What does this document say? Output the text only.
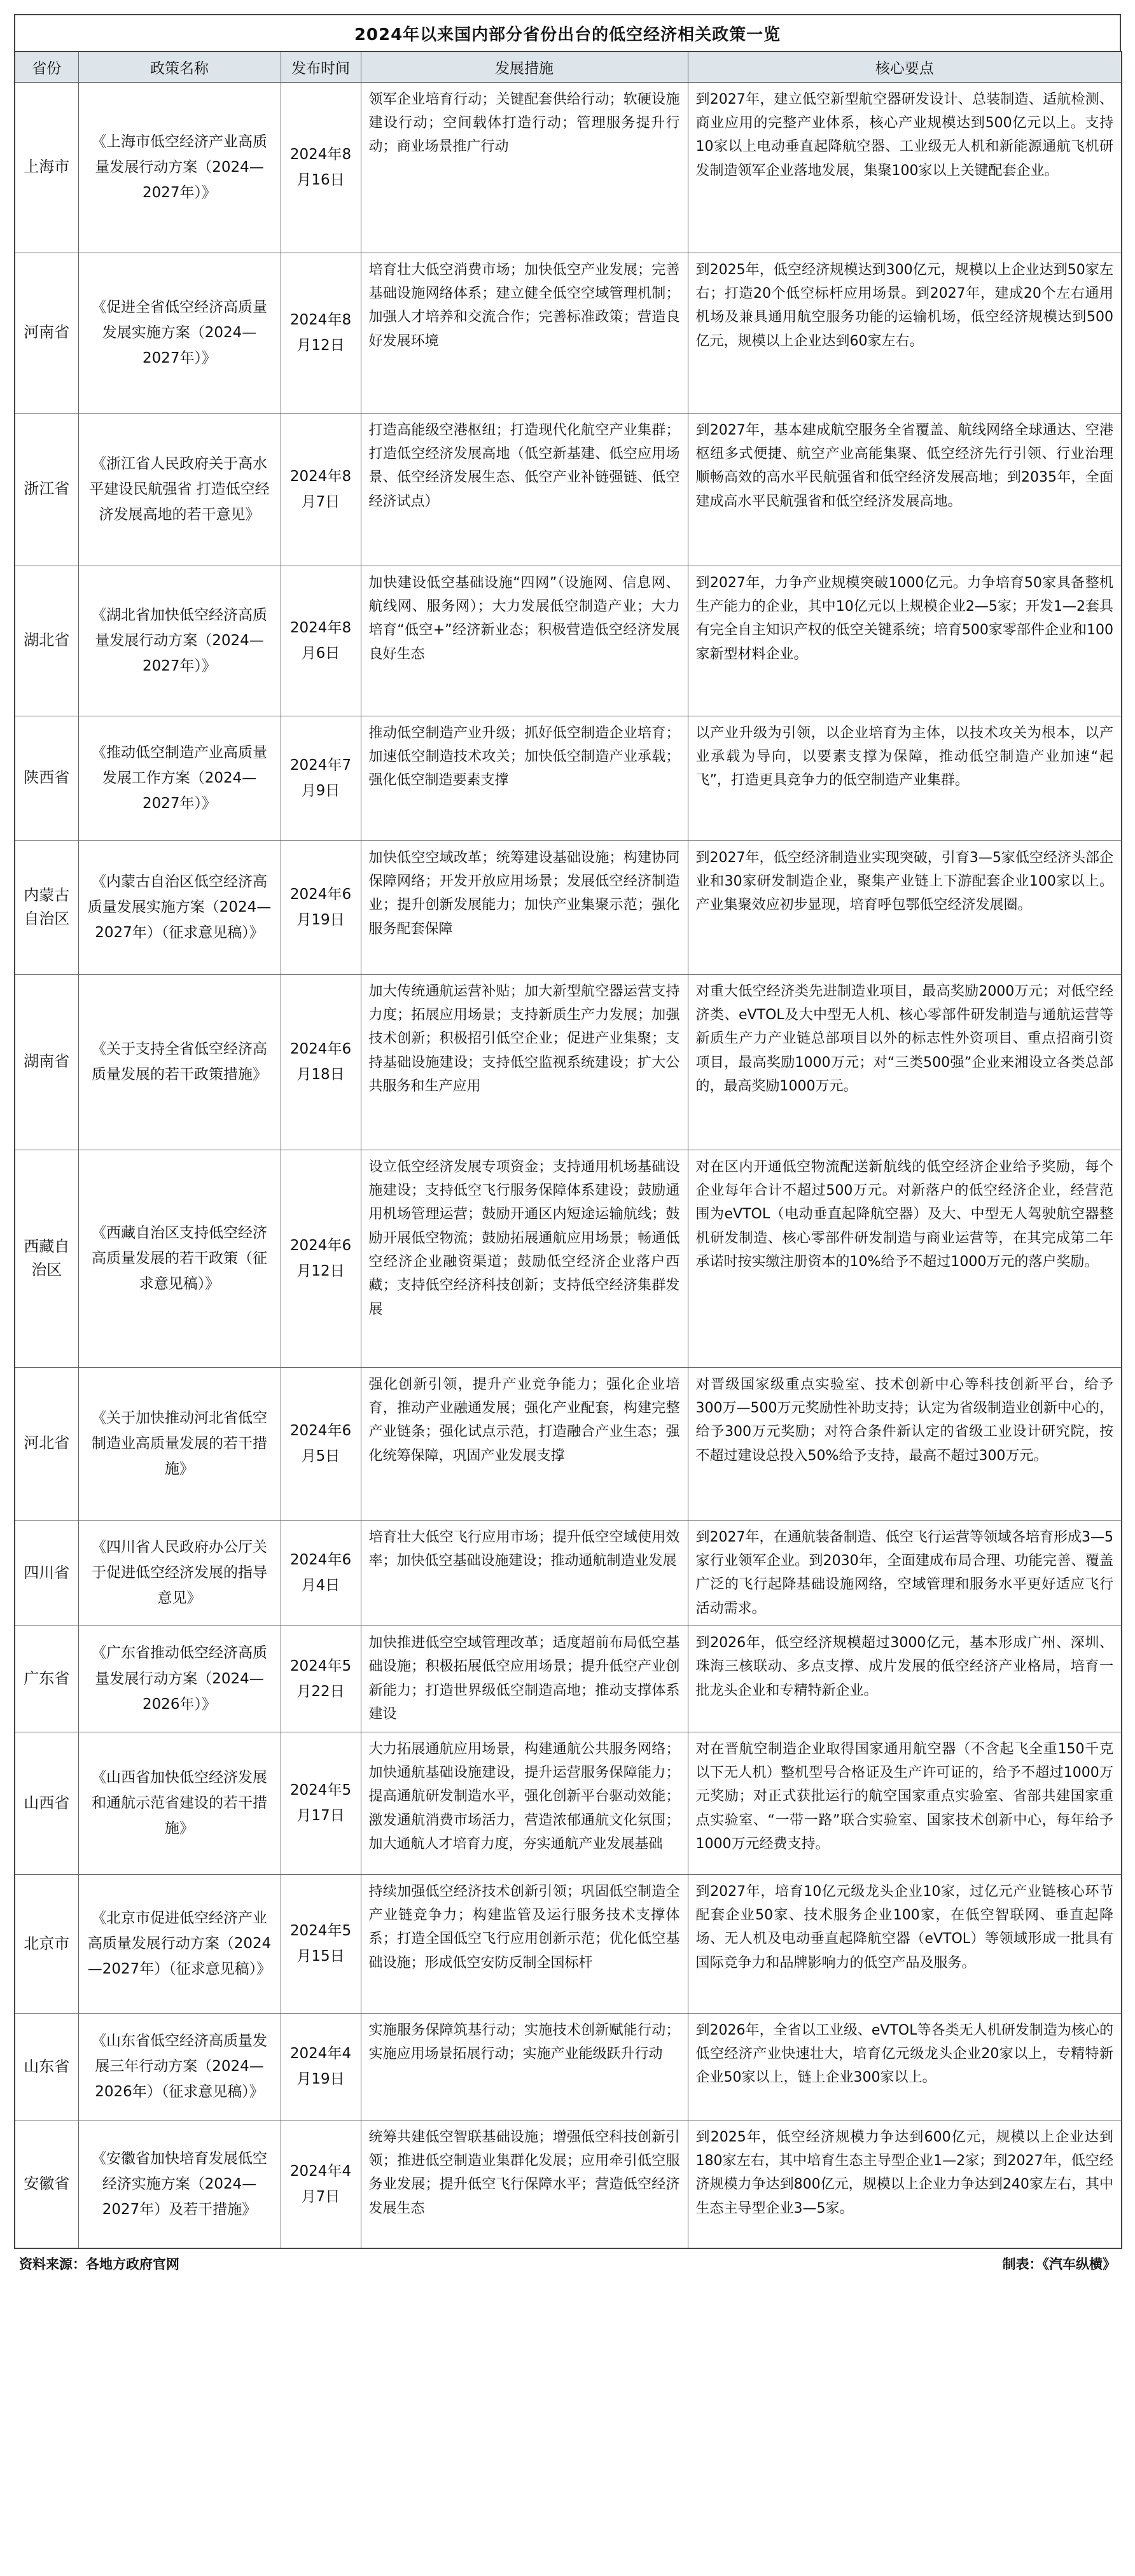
2024年以来国内部分省份出台的低空经济相关政策一览
省份	政策名称	发布时间	发展措施	核心要点
上海市	《上海市低空经济产业高质量发展行动方案（2024—2027年）》	2024年8月16日	领军企业培育行动；关键配套供给行动；软硬设施建设行动；空间载体打造行动；管理服务提升行动；商业场景推广行动	到2027年，建立低空新型航空器研发设计、总装制造、适航检测、商业应用的完整产业体系，核心产业规模达到500亿元以上。支持10家以上电动垂直起降航空器、工业级无人机和新能源通航飞机研发制造领军企业落地发展，集聚100家以上关键配套企业。
河南省	《促进全省低空经济高质量发展实施方案（2024—2027年）》	2024年8月12日	培育壮大低空消费市场；加快低空产业发展；完善基础设施网络体系；建立健全低空空域管理机制；加强人才培养和交流合作；完善标准政策；营造良好发展环境	到2025年，低空经济规模达到300亿元，规模以上企业达到50家左右；打造20个低空标杆应用场景。到2027年，建成20个左右通用机场及兼具通用航空服务功能的运输机场，低空经济规模达到500亿元，规模以上企业达到60家左右。
浙江省	《浙江省人民政府关于高水平建设民航强省 打造低空经济发展高地的若干意见》	2024年8月7日	打造高能级空港枢纽；打造现代化航空产业集群；打造低空经济发展高地（低空新基建、低空应用场景、低空经济发展生态、低空产业补链强链、低空经济试点）	到2027年，基本建成航空服务全省覆盖、航线网络全球通达、空港枢纽多式便捷、航空产业高能集聚、低空经济先行引领、行业治理顺畅高效的高水平民航强省和低空经济发展高地；到2035年，全面建成高水平民航强省和低空经济发展高地。
湖北省	《湖北省加快低空经济高质量发展行动方案（2024—2027年）》	2024年8月6日	加快建设低空基础设施“四网”（设施网、信息网、航线网、服务网）；大力发展低空制造产业；大力培育“低空+”经济新业态；积极营造低空经济发展良好生态	到2027年，力争产业规模突破1000亿元。力争培育50家具备整机生产能力的企业，其中10亿元以上规模企业2—5家；开发1—2套具有完全自主知识产权的低空关键系统；培育500家零部件企业和100家新型材料企业。
陕西省	《推动低空制造产业高质量发展工作方案（2024—2027年）》	2024年7月9日	推动低空制造产业升级；抓好低空制造企业培育；加速低空制造技术攻关；加快低空制造产业承载；强化低空制造要素支撑	以产业升级为引领，以企业培育为主体，以技术攻关为根本，以产业承载为导向，以要素支撑为保障，推动低空制造产业加速“起飞”，打造更具竞争力的低空制造产业集群。
内蒙古自治区	《内蒙古自治区低空经济高质量发展实施方案（2024—2027年）（征求意见稿）》	2024年6月19日	加快低空空域改革；统筹建设基础设施；构建协同保障网络；开发开放应用场景；发展低空经济制造业；提升创新发展能力；加快产业集聚示范；强化服务配套保障	到2027年，低空经济制造业实现突破，引育3—5家低空经济头部企业和30家研发制造企业，聚集产业链上下游配套企业100家以上。产业集聚效应初步显现，培育呼包鄂低空经济发展圈。
湖南省	《关于支持全省低空经济高质量发展的若干政策措施》	2024年6月18日	加大传统通航运营补贴；加大新型航空器运营支持力度；拓展应用场景；支持新质生产力发展；加强技术创新；积极招引低空企业；促进产业集聚；支持基础设施建设；支持低空监视系统建设；扩大公共服务和生产应用	对重大低空经济类先进制造业项目，最高奖励2000万元；对低空经济类、eVTOL及大中型无人机、核心零部件研发制造与通航运营等新质生产力产业链总部项目以外的标志性外资项目、重点招商引资项目，最高奖励1000万元；对“三类500强”企业来湘设立各类总部的，最高奖励1000万元。
西藏自治区	《西藏自治区支持低空经济高质量发展的若干政策（征求意见稿）》	2024年6月12日	设立低空经济发展专项资金；支持通用机场基础设施建设；支持低空飞行服务保障体系建设；鼓励通用机场管理运营；鼓励开通区内短途运输航线；鼓励开展低空物流；鼓励拓展通航应用场景；畅通低空经济企业融资渠道；鼓励低空经济企业落户西藏；支持低空经济科技创新；支持低空经济集群发展	对在区内开通低空物流配送新航线的低空经济企业给予奖励，每个企业每年合计不超过500万元。对新落户的低空经济企业，经营范围为eVTOL（电动垂直起降航空器）及大、中型无人驾驶航空器整机研发制造、核心零部件研发制造与商业运营等，在其完成第二年承诺时按实缴注册资本的10%给予不超过1000万元的落户奖励。
河北省	《关于加快推动河北省低空制造业高质量发展的若干措施》	2024年6月5日	强化创新引领，提升产业竞争能力；强化企业培育，推动产业融通发展；强化产业配套，构建完整产业链条；强化试点示范，打造融合产业生态；强化统筹保障，巩固产业发展支撑	对晋级国家级重点实验室、技术创新中心等科技创新平台，给予300万—500万元奖励性补助支持；认定为省级制造业创新中心的，给予300万元奖励；对符合条件新认定的省级工业设计研究院，按不超过建设总投入50%给予支持，最高不超过300万元。
四川省	《四川省人民政府办公厅关于促进低空经济发展的指导意见》	2024年6月4日	培育壮大低空飞行应用市场；提升低空空域使用效率；加快低空基础设施建设；推动通航制造业发展	到2027年，在通航装备制造、低空飞行运营等领域各培育形成3—5家行业领军企业。到2030年，全面建成布局合理、功能完善、覆盖广泛的飞行起降基础设施网络，空域管理和服务水平更好适应飞行活动需求。
广东省	《广东省推动低空经济高质量发展行动方案（2024—2026年）》	2024年5月22日	加快推进低空空域管理改革；适度超前布局低空基础设施；积极拓展低空应用场景；提升低空产业创新能力；打造世界级低空制造高地；推动支撑体系建设	到2026年，低空经济规模超过3000亿元，基本形成广州、深圳、珠海三核联动、多点支撑、成片发展的低空经济产业格局，培育一批龙头企业和专精特新企业。
山西省	《山西省加快低空经济发展和通航示范省建设的若干措施》	2024年5月17日	大力拓展通航应用场景，构建通航公共服务网络；加快通航基础设施建设，提升运营服务保障能力；提高通航研发制造水平，强化创新平台驱动效能；激发通航消费市场活力，营造浓郁通航文化氛围；加大通航人才培育力度，夯实通航产业发展基础	对在晋航空制造企业取得国家通用航空器（不含起飞全重150千克以下无人机）整机型号合格证及生产许可证的，给予不超过1000万元奖励；对正式获批运行的航空国家重点实验室、省部共建国家重点实验室、“一带一路”联合实验室、国家技术创新中心，每年给予1000万元经费支持。
北京市	《北京市促进低空经济产业高质量发展行动方案（2024—2027年）（征求意见稿）》	2024年5月15日	持续加强低空经济技术创新引领；巩固低空制造全产业链竞争力；构建监管及运行服务技术支撑体系；打造全国低空飞行应用创新示范；优化低空基础设施；形成低空安防反制全国标杆	到2027年，培育10亿元级龙头企业10家，过亿元产业链核心环节配套企业50家、技术服务企业100家，在低空智联网、垂直起降场、无人机及电动垂直起降航空器（eVTOL）等领域形成一批具有国际竞争力和品牌影响力的低空产品及服务。
山东省	《山东省低空经济高质量发展三年行动方案（2024—2026年）（征求意见稿）》	2024年4月19日	实施服务保障筑基行动；实施技术创新赋能行动；实施应用场景拓展行动；实施产业能级跃升行动	到2026年，全省以工业级、eVTOL等各类无人机研发制造为核心的低空经济产业快速壮大，培育亿元级龙头企业20家以上，专精特新企业50家以上，链上企业300家以上。
安徽省	《安徽省加快培育发展低空经济实施方案（2024—2027年）及若干措施》	2024年4月7日	统筹共建低空智联基础设施；增强低空科技创新引领；推进低空制造业集群化发展；应用牵引低空服务业发展；提升低空飞行保障水平；营造低空经济发展生态	到2025年，低空经济规模力争达到600亿元，规模以上企业达到180家左右，其中培育生态主导型企业1—2家；到2027年，低空经济规模力争达到800亿元，规模以上企业力争达到240家左右，其中生态主导型企业3—5家。
资料来源：各地方政府官网	制表：《汽车纵横》
